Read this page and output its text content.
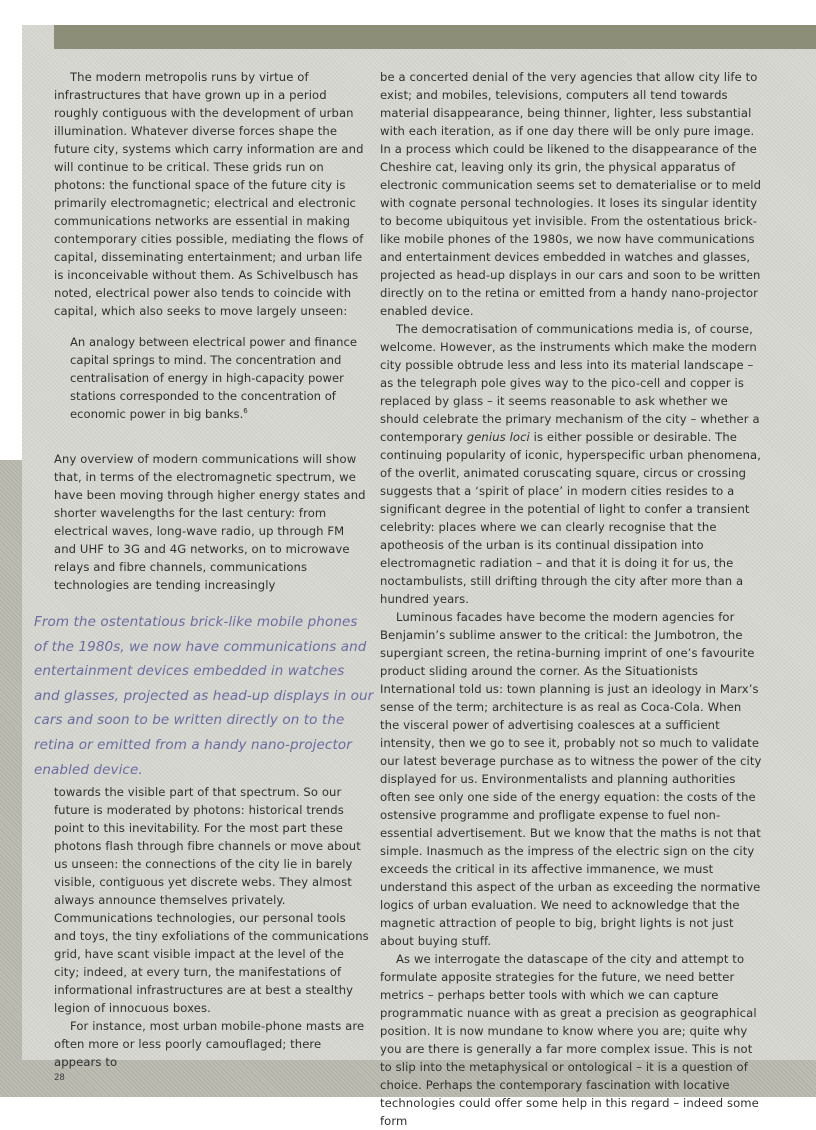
The modern metropolis runs by virtue of infrastructures that have grown up in a period roughly contiguous with the development of urban illumination. Whatever diverse forces shape the future city, systems which carry information are and will continue to be critical. These grids run on photons: the functional space of the future city is primarily electromagnetic; electrical and electronic communications networks are essential in making contemporary cities possible, mediating the flows of capital, disseminating entertainment; and urban life is inconceivable without them. As Schivelbusch has noted, electrical power also tends to coincide with capital, which also seeks to move largely unseen:

An analogy between electrical power and finance capital springs to mind. The concentration and centralisation of energy in high-capacity power stations corresponded to the concentration of economic power in big banks.$^6$

Any overview of modern communications will show that, in terms of the electromagnetic spectrum, we have been moving through higher energy states and shorter wavelengths for the last century: from electrical waves, long-wave radio, up through FM and UHF to 3G and 4G networks, on to microwave relays and fibre channels, communications technologies are tending increasingly

From the ostentatious brick-like mobile phones of the 1980s, we now have communications and entertainment devices embedded in watches and glasses, projected as head-up displays in our cars and soon to be written directly on to the retina or emitted from a handy nano-projector enabled device.

towards the visible part of that spectrum. So our future is moderated by photons: historical trends point to this inevitability. For the most part these photons flash through fibre channels or move about us unseen: the connections of the city lie in barely visible, contiguous yet discrete webs. They almost always announce themselves privately. Communications technologies, our personal tools and toys, the tiny exfoliations of the communications grid, have scant visible impact at the level of the city; indeed, at every turn, the manifestations of informational infrastructures are at best a stealthy legion of innocuous boxes.

For instance, most urban mobile-phone masts are often more or less poorly camouflaged; there appears to

be a concerted denial of the very agencies that allow city life to exist; and mobiles, televisions, computers all tend towards material disappearance, being thinner, lighter, less substantial with each iteration, as if one day there will be only pure image. In a process which could be likened to the disappearance of the Cheshire cat, leaving only its grin, the physical apparatus of electronic communication seems set to dematerialise or to meld with cognate personal technologies. It loses its singular identity to become ubiquitous yet invisible. From the ostentatious brick-like mobile phones of the 1980s, we now have communications and entertainment devices embedded in watches and glasses, projected as head-up displays in our cars and soon to be written directly on to the retina or emitted from a handy nano-projector enabled device.

The democratisation of communications media is, of course, welcome. However, as the instruments which make the modern city possible obtrude less and less into its material landscape – as the telegraph pole gives way to the pico-cell and copper is replaced by glass – it seems reasonable to ask whether we should celebrate the primary mechanism of the city – whether a contemporary genius loci is either possible or desirable. The continuing popularity of iconic, hyperspecific urban phenomena, of the overlit, animated coruscating square, circus or crossing suggests that a ‘spirit of place’ in modern cities resides to a significant degree in the potential of light to confer a transient celebrity: places where we can clearly recognise that the apotheosis of the urban is its continual dissipation into electromagnetic radiation – and that it is doing it for us, the noctambulists, still drifting through the city after more than a hundred years.

Luminous facades have become the modern agencies for Benjamin’s sublime answer to the critical: the Jumbotron, the supergiant screen, the retina-burning imprint of one’s favourite product sliding around the corner. As the Situationists International told us: town planning is just an ideology in Marx’s sense of the term; architecture is as real as Coca-Cola. When the visceral power of advertising coalesces at a sufficient intensity, then we go to see it, probably not so much to validate our latest beverage purchase as to witness the power of the city displayed for us. Environmentalists and planning authorities often see only one side of the energy equation: the costs of the ostensive programme and profligate expense to fuel non-essential advertisement. But we know that the maths is not that simple. Inasmuch as the impress of the electric sign on the city exceeds the critical in its affective immanence, we must understand this aspect of the urban as exceeding the normative logics of urban evaluation. We need to acknowledge that the magnetic attraction of people to big, bright lights is not just about buying stuff.

As we interrogate the datascape of the city and attempt to formulate apposite strategies for the future, we need better metrics – perhaps better tools with which we can capture programmatic nuance with as great a precision as geographical position. It is now mundane to know where you are; quite why you are there is generally a far more complex issue. This is not to slip into the metaphysical or ontological – it is a question of choice. Perhaps the contemporary fascination with locative technologies could offer some help in this regard – indeed some form

28
